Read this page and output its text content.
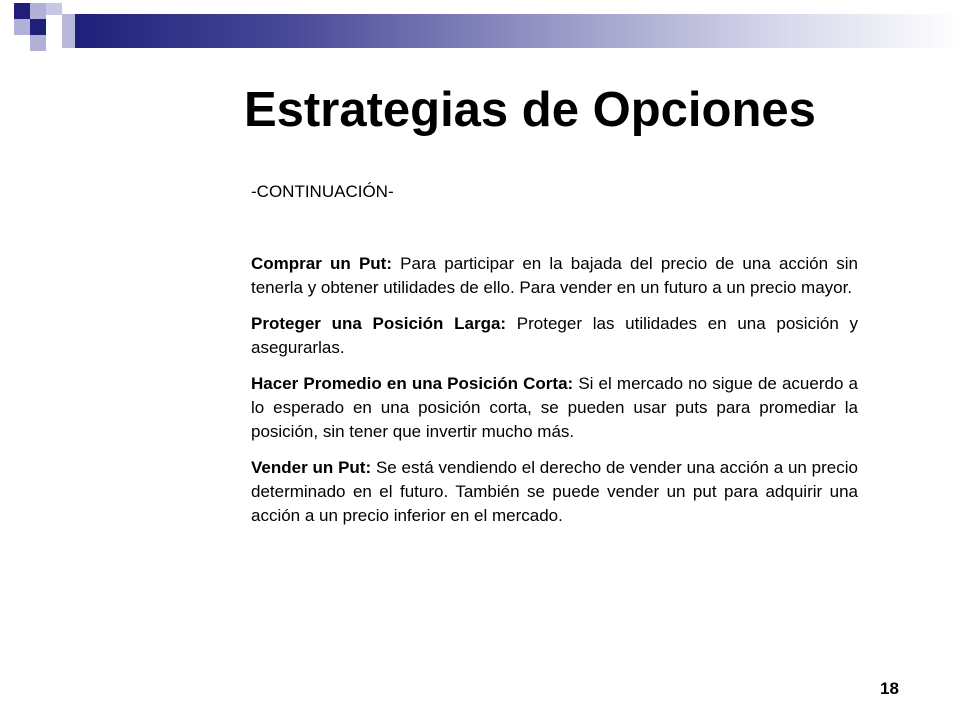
Estrategias de Opciones

-CONTINUACIÓN-

Comprar un Put: Para participar en la bajada del precio de una acción sin tenerla y obtener utilidades de ello. Para vender en un futuro a un precio mayor.

Proteger una Posición Larga: Proteger las utilidades en una posición y asegurarlas.

Hacer Promedio en una Posición Corta: Si el mercado no sigue de acuerdo a lo esperado en una posición corta, se pueden usar puts para promediar la posición, sin tener que invertir mucho más.

Vender un Put: Se está vendiendo el derecho de vender una acción a un precio determinado en el futuro. También se puede vender un put para adquirir una acción a un precio inferior en el mercado.

18
